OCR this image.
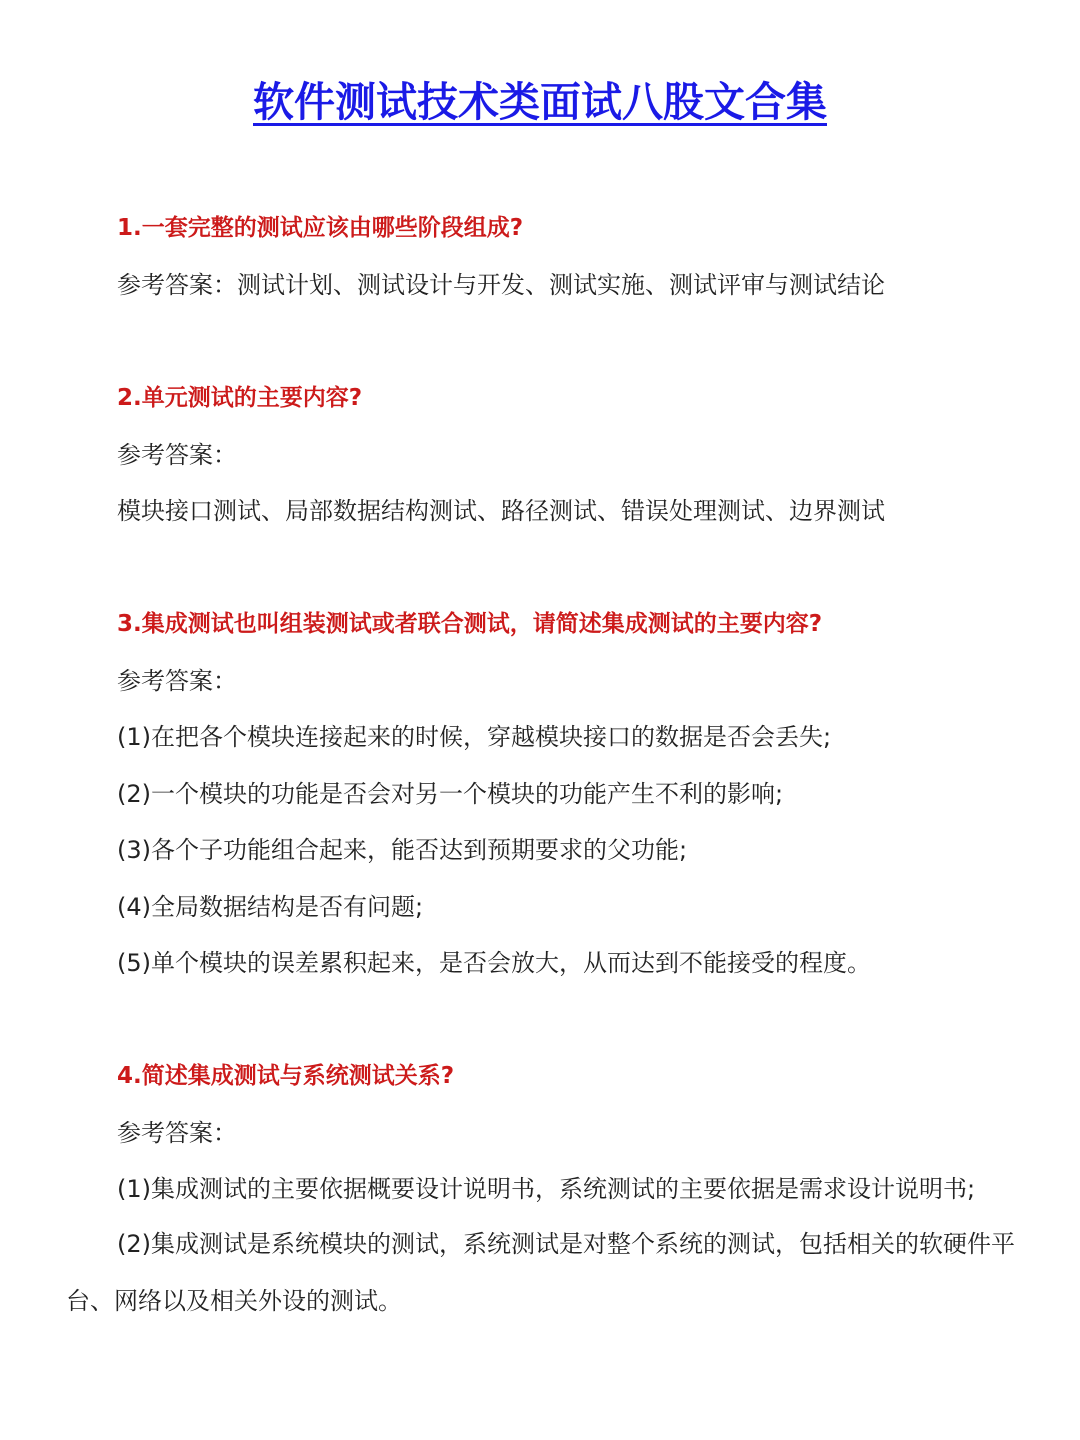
软件测试技术类面试八股文合集
1.一套完整的测试应该由哪些阶段组成?
参考答案：测试计划、测试设计与开发、测试实施、测试评审与测试结论
2.单元测试的主要内容?
参考答案：
模块接口测试、局部数据结构测试、路径测试、错误处理测试、边界测试
3.集成测试也叫组装测试或者联合测试，请简述集成测试的主要内容?
参考答案：
(1)在把各个模块连接起来的时候，穿越模块接口的数据是否会丢失;
(2)一个模块的功能是否会对另一个模块的功能产生不利的影响;
(3)各个子功能组合起来，能否达到预期要求的父功能;
(4)全局数据结构是否有问题;
(5)单个模块的误差累积起来，是否会放大，从而达到不能接受的程度。
4.简述集成测试与系统测试关系?
参考答案：
(1)集成测试的主要依据概要设计说明书，系统测试的主要依据是需求设计说明书;
(2)集成测试是系统模块的测试，系统测试是对整个系统的测试，包括相关的软硬件平台、网络以及相关外设的测试。
